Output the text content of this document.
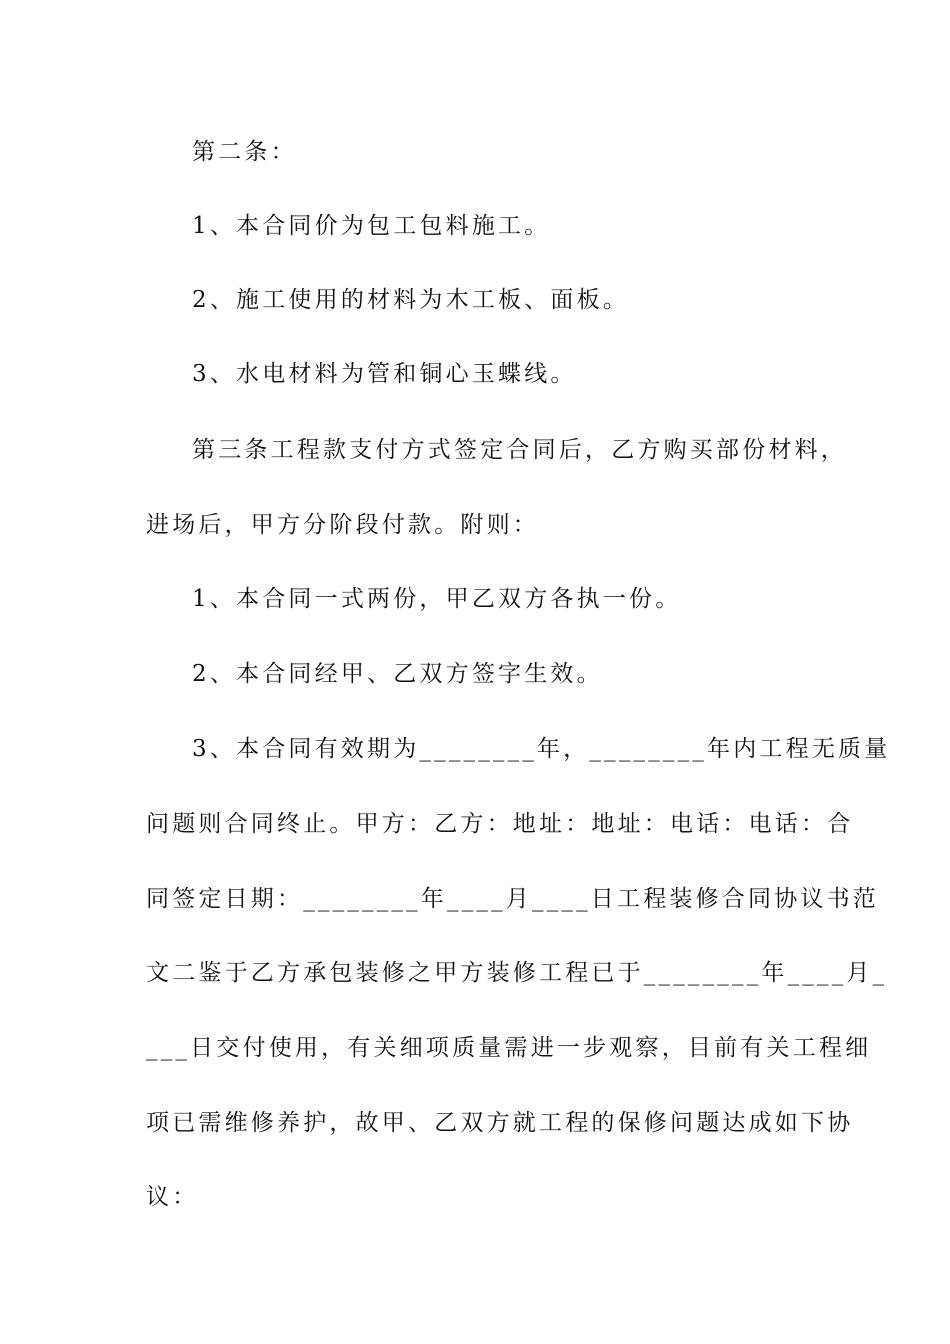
第二条：
1、本合同价为包工包料施工。
2、施工使用的材料为木工板、面板。
3、水电材料为管和铜心玉蝶线。
第三条工程款支付方式签定合同后，乙方购买部份材料，
进场后，甲方分阶段付款。附则：
1、本合同一式两份，甲乙双方各执一份。
2、本合同经甲、乙双方签字生效。
3、本合同有效期为________年，________年内工程无质量
问题则合同终止。甲方：乙方：地址：地址：电话：电话：合
同签定日期：________年____月____日工程装修合同协议书范
文二鉴于乙方承包装修之甲方装修工程已于________年____月_
___日交付使用，有关细项质量需进一步观察，目前有关工程细
项已需维修养护，故甲、乙双方就工程的保修问题达成如下协
议：
